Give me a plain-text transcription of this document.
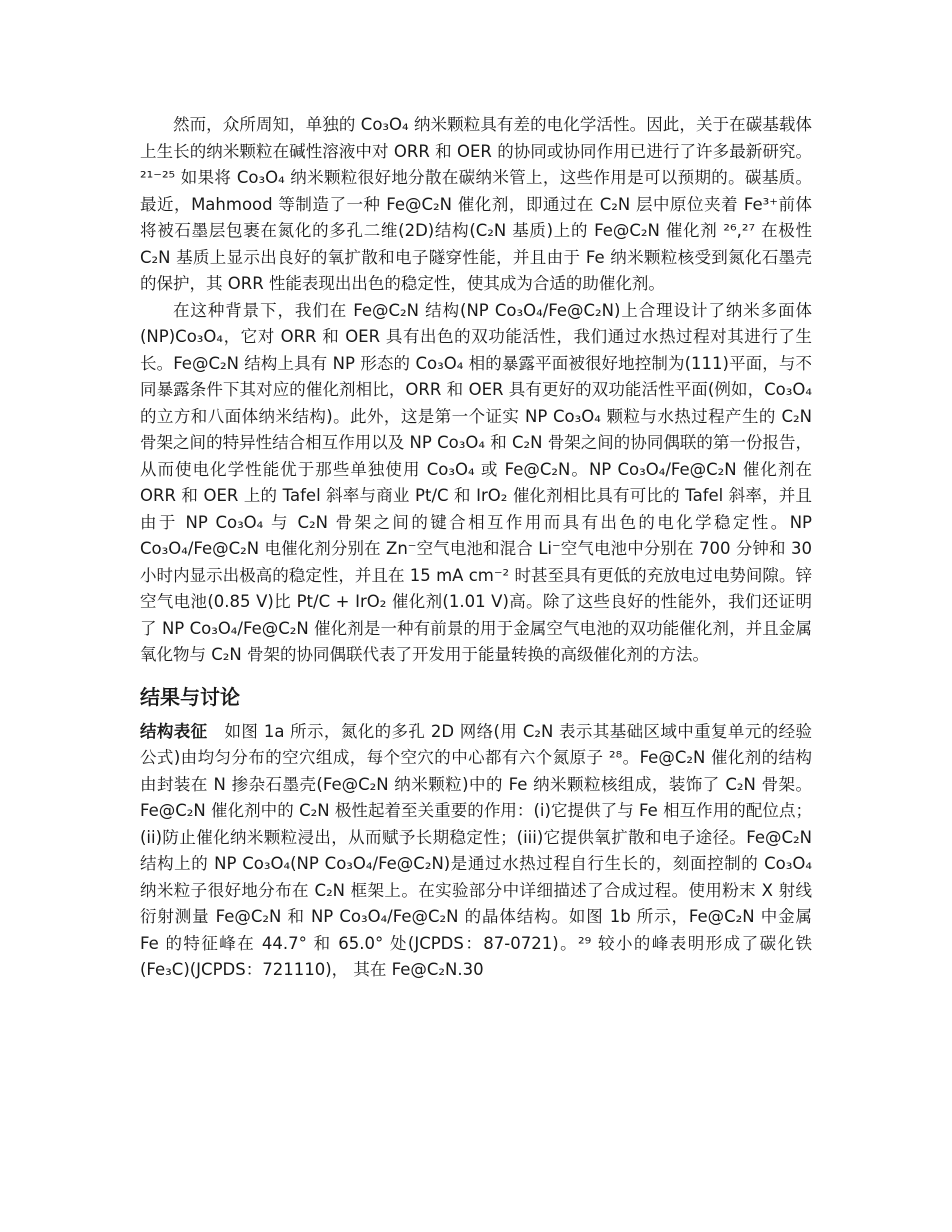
然而，众所周知，单独的 Co₃O₄ 纳米颗粒具有差的电化学活性。因此，关于在碳基载体上生长的纳米颗粒在碱性溶液中对 ORR 和 OER 的协同或协同作用已进行了许多最新研究。²¹⁻²⁵ 如果将 Co₃O₄ 纳米颗粒很好地分散在碳纳米管上，这些作用是可以预期的。碳基质。最近，Mahmood 等制造了一种 Fe@C₂N 催化剂，即通过在 C₂N 层中原位夹着 Fe³⁺前体将被石墨层包裹在氮化的多孔二维(2D)结构(C₂N 基质)上的 Fe@C₂N 催化剂 ²⁶,²⁷ 在极性 C₂N 基质上显示出良好的氧扩散和电子隧穿性能，并且由于 Fe 纳米颗粒核受到氮化石墨壳的保护，其 ORR 性能表现出出色的稳定性，使其成为合适的助催化剂。

在这种背景下，我们在 Fe@C₂N 结构(NP Co₃O₄/Fe@C₂N)上合理设计了纳米多面体(NP)Co₃O₄，它对 ORR 和 OER 具有出色的双功能活性，我们通过水热过程对其进行了生长。Fe@C₂N 结构上具有 NP 形态的 Co₃O₄ 相的暴露平面被很好地控制为(111)平面，与不同暴露条件下其对应的催化剂相比，ORR 和 OER 具有更好的双功能活性平面(例如，Co₃O₄ 的立方和八面体纳米结构)。此外，这是第一个证实 NP Co₃O₄ 颗粒与水热过程产生的 C₂N 骨架之间的特异性结合相互作用以及 NP Co₃O₄ 和 C₂N 骨架之间的协同偶联的第一份报告，从而使电化学性能优于那些单独使用 Co₃O₄ 或 Fe@C₂N。NP Co₃O₄/Fe@C₂N 催化剂在 ORR 和 OER 上的 Tafel 斜率与商业 Pt/C 和 IrO₂ 催化剂相比具有可比的 Tafel 斜率，并且由于 NP Co₃O₄ 与 C₂N 骨架之间的键合相互作用而具有出色的电化学稳定性。NP Co₃O₄/Fe@C₂N 电催化剂分别在 Zn⁻空气电池和混合 Li⁻空气电池中分别在 700 分钟和 30 小时内显示出极高的稳定性，并且在 15 mA cm⁻² 时甚至具有更低的充放电过电势间隙。锌空气电池(0.85 V)比 Pt/C + IrO₂ 催化剂(1.01 V)高。除了这些良好的性能外，我们还证明了 NP Co₃O₄/Fe@C₂N 催化剂是一种有前景的用于金属空气电池的双功能催化剂，并且金属氧化物与 C₂N 骨架的协同偶联代表了开发用于能量转换的高级催化剂的方法。

结果与讨论

结构表征  如图 1a 所示，氮化的多孔 2D 网络(用 C₂N 表示其基础区域中重复单元的经验公式)由均匀分布的空穴组成，每个空穴的中心都有六个氮原子 ²⁸。Fe@C₂N 催化剂的结构由封装在 N 掺杂石墨壳(Fe@C₂N 纳米颗粒)中的 Fe 纳米颗粒核组成，装饰了 C₂N 骨架。Fe@C₂N 催化剂中的 C₂N 极性起着至关重要的作用：(i)它提供了与 Fe 相互作用的配位点；(ii)防止催化纳米颗粒浸出，从而赋予长期稳定性；(iii)它提供氧扩散和电子途径。Fe@C₂N 结构上的 NP Co₃O₄(NP Co₃O₄/Fe@C₂N)是通过水热过程自行生长的，刻面控制的 Co₃O₄ 纳米粒子很好地分布在 C₂N 框架上。在实验部分中详细描述了合成过程。使用粉末 X 射线衍射测量 Fe@C₂N 和 NP Co₃O₄/Fe@C₂N 的晶体结构。如图 1b 所示，Fe@C₂N 中金属 Fe 的特征峰在 44.7° 和 65.0° 处(JCPDS：87-0721)。²⁹ 较小的峰表明形成了碳化铁(Fe₃C)(JCPDS：721110)， 其在 Fe@C₂N.30
